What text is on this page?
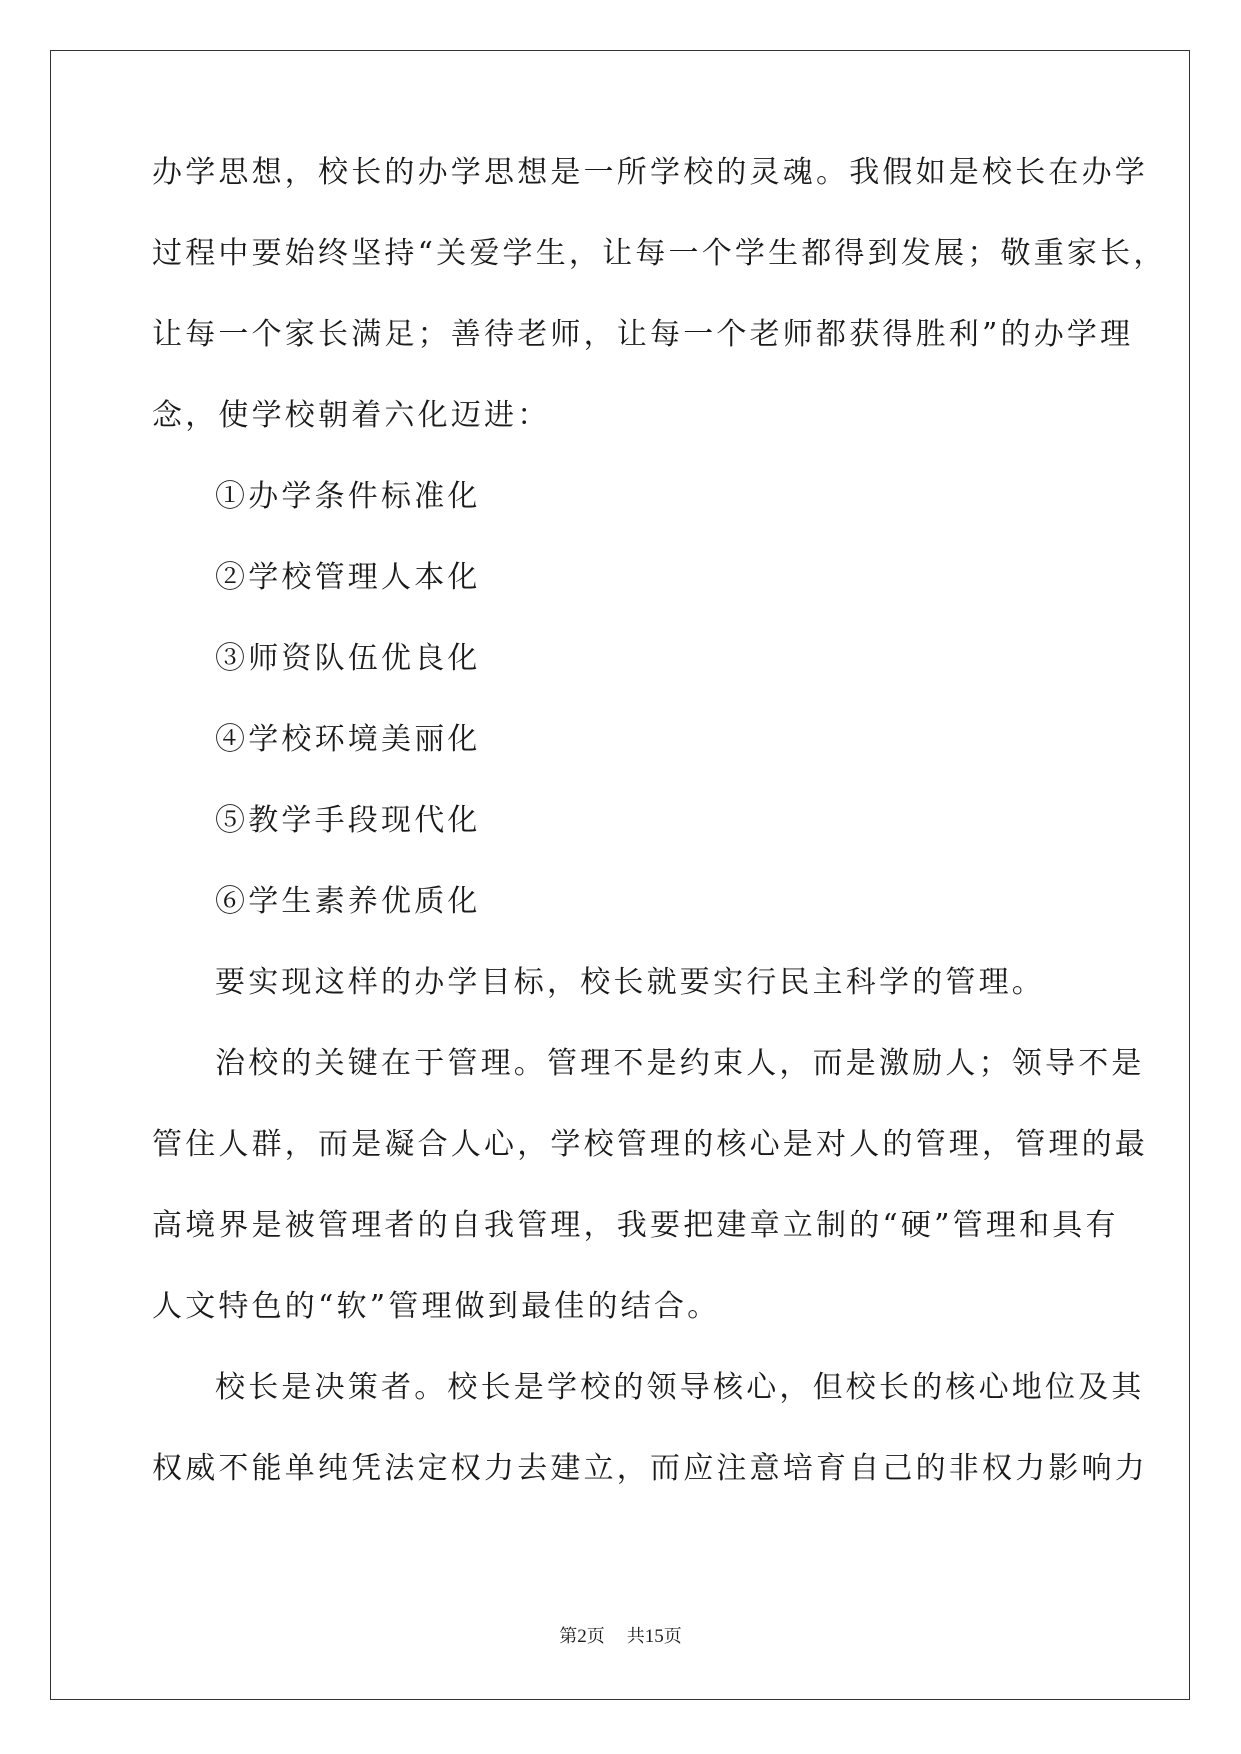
办学思想，校长的办学思想是一所学校的灵魂。我假如是校长在办学
过程中要始终坚持“关爱学生，让每一个学生都得到发展；敬重家长，
让每一个家长满足；善待老师，让每一个老师都获得胜利”的办学理
念，使学校朝着六化迈进：
①办学条件标准化
②学校管理人本化
③师资队伍优良化
④学校环境美丽化
⑤教学手段现代化
⑥学生素养优质化
要实现这样的办学目标，校长就要实行民主科学的管理。
治校的关键在于管理。管理不是约束人，而是激励人；领导不是
管住人群，而是凝合人心，学校管理的核心是对人的管理，管理的最
高境界是被管理者的自我管理，我要把建章立制的“硬”管理和具有
人文特色的“软”管理做到最佳的结合。
校长是决策者。校长是学校的领导核心，但校长的核心地位及其
权威不能单纯凭法定权力去建立，而应注意培育自己的非权力影响力
第2页 共15页
